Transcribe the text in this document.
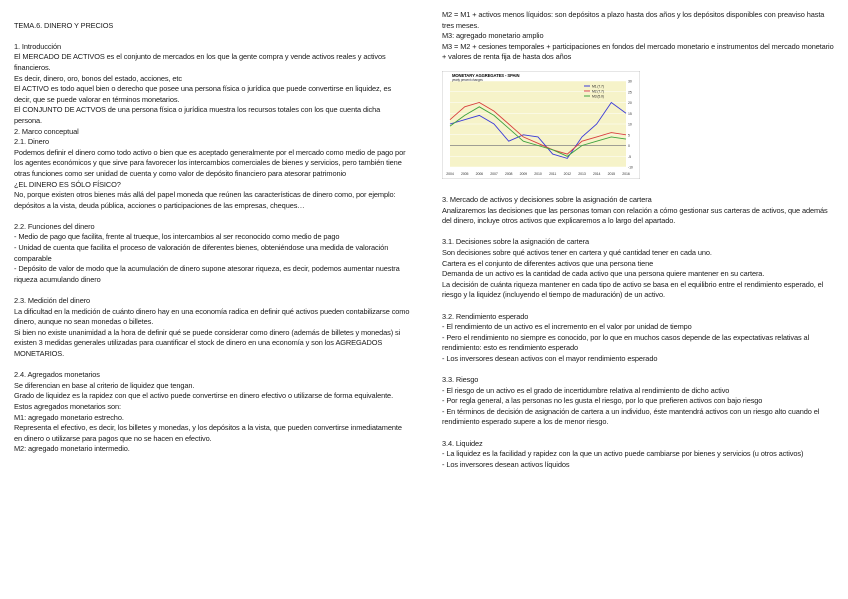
TEMA.6. DINERO Y PRECIOS

1. Introducción

El MERCADO DE ACTIVOS es el conjunto de mercados en los que la gente compra y vende activos reales y activos financieros.

Es decir, dinero, oro, bonos del estado, acciones, etc

El ACTIVO es todo aquel bien o derecho que posee una persona física o jurídica que puede convertirse en liquidez, es decir, que se puede valorar en términos monetarios.

El CONJUNTO DE ACTVOS de una persona física o jurídica muestra los recursos totales con los que cuenta dicha persona.

2. Marco conceptual

2.1. Dinero

Podemos definir el dinero como todo activo o bien que es aceptado generalmente por el mercado como medio de pago por los agentes económicos y que sirve para favorecer los intercambios comerciales de bienes y servicios, pero también tiene otras funciones como ser unidad de cuenta y como valor de depósito financiero para atesorar patrimonio

¿EL DINERO ES SÓLO FÍSICO?

No, porque existen otros bienes más allá del papel moneda que reúnen las características de dinero como, por ejemplo: depósitos a la vista, deuda pública, acciones o participaciones de las empresas, cheques…

2.2. Funciones del dinero

- Medio de pago que facilita, frente al trueque, los intercambios al ser reconocido como medio de pago

- Unidad de cuenta que facilita el proceso de valoración de diferentes bienes, obteniéndose una medida de valoración comparable

- Depósito de valor de modo que la acumulación de dinero supone atesorar riqueza, es decir, podemos aumentar nuestra riqueza acumulando dinero

2.3. Medición del dinero

La dificultad en la medición de cuánto dinero hay en una economía radica en definir qué activos pueden contabilizarse como dinero, aunque no sean monedas o billetes.

Si bien no existe unanimidad a la hora de definir qué se puede considerar como dinero (además de billetes y monedas) si existen 3 medidas generales utilizadas para cuantificar el stock de dinero en una economía y son los AGREGADOS MONETARIOS.

2.4. Agregados monetarios

Se diferencian en base al criterio de liquidez que tengan.

Grado de liquidez es la rapidez con que el activo puede convertirse en dinero efectivo o utilizarse de forma equivalente.

Estos agregados monetarios son:

M1: agregado monetario estrecho.

Representa el efectivo, es decir, los billetes y monedas, y los depósitos a la vista, que pueden convertirse inmediatamente en dinero o utilizarse para pagos que no se hacen en efectivo.

M2: agregado monetario intermedio.

M2 = M1 + activos menos líquidos: son depósitos a plazo hasta dos años y los depósitos disponibles con preaviso hasta tres meses.

M3: agregado monetario amplio

M3 = M2 + cesiones temporales + participaciones en fondos del mercado monetario e instrumentos del mercado monetario + valores de renta fija de hasta dos años

-10
-5
0
5
10
15
20
25
30
2004 2005 2006 2007 2008 2009 2010 2011 2012 2013 2014 2015 2016
MONETARY AGGREGATES - SPAIN
yearly percent changes
M1 (7.7)
M2 (7.7)
M3 (5.0)

3. Mercado de activos y decisiones sobre la asignación de cartera

Analizaremos las decisiones que las personas toman con relación a cómo gestionar sus carteras de activos, que además del dinero, incluye otros activos que explicaremos a lo largo del apartado.

3.1. Decisiones sobre la asignación de cartera

Son decisiones sobre qué activos tener en cartera y qué cantidad tener en cada uno.

Cartera es el conjunto de diferentes activos que una persona tiene

Demanda de un activo es la cantidad de cada activo que una persona quiere mantener en su cartera.

La decisión de cuánta riqueza mantener en cada tipo de activo se basa en el equilibrio entre el rendimiento esperado, el riesgo y la liquidez (incluyendo el tiempo de maduración) de un activo.

3.2. Rendimiento esperado

- El rendimiento de un activo es el incremento en el valor por unidad de tiempo

- Pero el rendimiento no siempre es conocido, por lo que en muchos casos depende de las expectativas relativas al rendimiento: esto es rendimiento esperado

- Los inversores desean activos con el mayor rendimiento esperado

3.3. Riesgo

- El riesgo de un activo es el grado de incertidumbre relativa al rendimiento de dicho activo

- Por regla general, a las personas no les gusta el riesgo, por lo que prefieren activos con bajo riesgo

- En términos de decisión de asignación de cartera a un individuo, éste mantendrá activos con un riesgo alto cuando el rendimiento esperado supere a los de menor riesgo.

3.4. Liquidez

- La liquidez es la facilidad y rapidez con la que un activo puede cambiarse por bienes y servicios (u otros activos)

- Los inversores desean activos líquidos
